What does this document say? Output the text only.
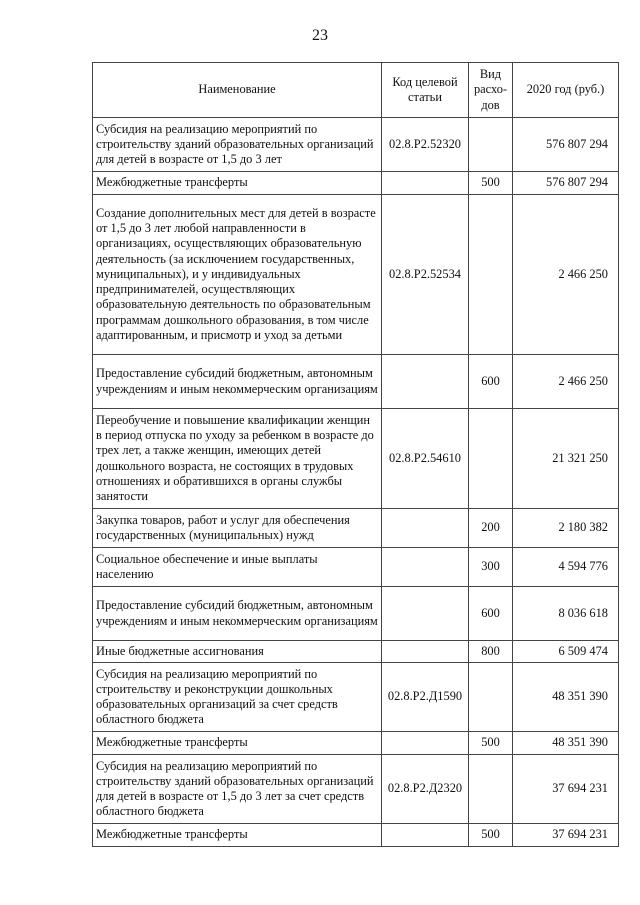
23
Наименование	Код целевой статьи	Вид расхо-дов	2020 год (руб.)
Субсидия на реализацию мероприятий по строительству зданий образовательных организаций для детей в возрасте от 1,5 до 3 лет	02.8.Р2.52320		576 807 294
Межбюджетные трансферты		500	576 807 294
Создание дополнительных мест для детей в возрасте от 1,5 до 3 лет любой направленности в организациях, осуществляющих образовательную деятельность (за исключением государственных, муниципальных), и у индивидуальных предпринимателей, осуществляющих образовательную деятельность по образовательным программам дошкольного образования, в том числе адаптированным, и присмотр и уход за детьми	02.8.Р2.52534		2 466 250
Предоставление субсидий бюджетным, автономным учреждениям и иным некоммерческим организациям		600	2 466 250
Переобучение и повышение квалификации женщин в период отпуска по уходу за ребенком в возрасте до трех лет, а также женщин, имеющих детей дошкольного возраста, не состоящих в трудовых отношениях и обратившихся в органы службы занятости	02.8.Р2.54610		21 321 250
Закупка товаров, работ и услуг для обеспечения государственных (муниципальных) нужд		200	2 180 382
Социальное обеспечение и иные выплаты населению		300	4 594 776
Предоставление субсидий бюджетным, автономным учреждениям и иным некоммерческим организациям		600	8 036 618
Иные бюджетные ассигнования		800	6 509 474
Субсидия на реализацию мероприятий по строительству и реконструкции дошкольных образовательных организаций за счет средств областного бюджета	02.8.Р2.Д1590		48 351 390
Межбюджетные трансферты		500	48 351 390
Субсидия на реализацию мероприятий по строительству зданий образовательных организаций для детей в возрасте от 1,5 до 3 лет за счет средств областного бюджета	02.8.Р2.Д2320		37 694 231
Межбюджетные трансферты		500	37 694 231
